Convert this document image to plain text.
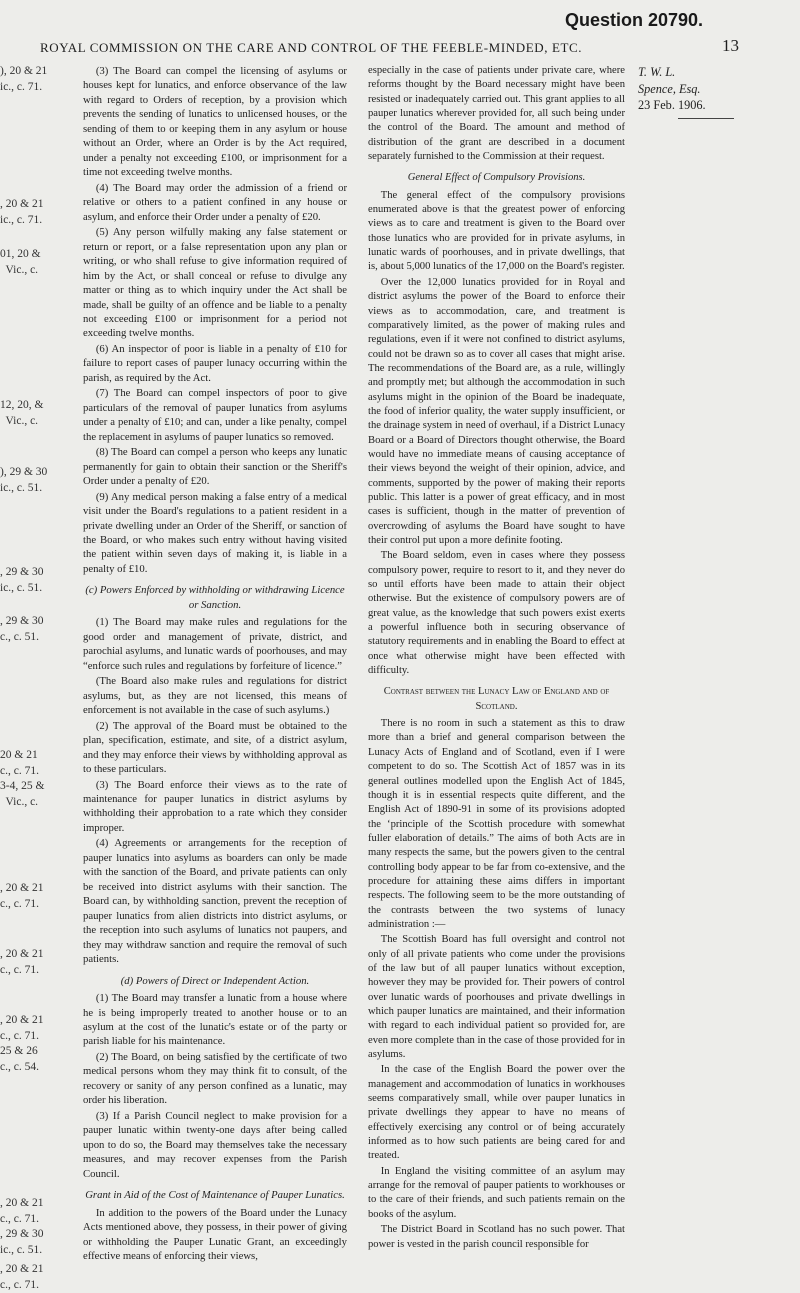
Question 20790.
ROYAL COMMISSION ON THE CARE AND CONTROL OF THE FEEBLE-MINDED, ETC.	13
), 20 & 21
ic., c. 71.
, 20 & 21
ic., c. 71.
01, 20 &
Vic., c.
12, 20, &
Vic., c.
), 29 & 30
ic., c. 51.
, 29 & 30
ic., c. 51.
, 29 & 30
c., c. 51.
20 & 21
c., c. 71.
3-4, 25 &
Vic., c.
, 20 & 21
c., c. 71.
, 20 & 21
c., c. 71.
, 20 & 21
c., c. 71.
25 & 26
c., c. 54.
, 20 & 21
c., c. 71.
, 29 & 30
ic., c. 51.
, 20 & 21
c., c. 71.

(3) The Board can compel the licensing of asylums or houses kept for lunatics, and enforce observance of the law with regard to Orders of reception, by a provision which prevents the sending of lunatics to unlicensed houses, or the sending of them to or keeping them in any asylum or house without an Order, where an Order is by the Act required, under a penalty not exceeding £100, or imprisonment for a time not exceeding twelve months.

(4) The Board may order the admission of a friend or relative or others to a patient confined in any house or asylum, and enforce their Order under a penalty of £20.

(5) Any person wilfully making any false statement or return or report, or a false representation upon any plan or writing, or who shall refuse to give information required of him by the Act, or shall conceal or refuse to divulge any matter or thing as to which inquiry under the Act shall be made, shall be guilty of an offence and be liable to a penalty not exceeding £100 or imprisonment for a period not exceeding twelve months.

(6) An inspector of poor is liable in a penalty of £10 for failure to report cases of pauper lunacy occurring within the parish, as required by the Act.

(7) The Board can compel inspectors of poor to give particulars of the removal of pauper lunatics from asylums under a penalty of £10; and can, under a like penalty, compel the replacement in asylums of pauper lunatics so removed.

(8) The Board can compel a person who keeps any lunatic permanently for gain to obtain their sanction or the Sheriff's Order under a penalty of £20.

(9) Any medical person making a false entry of a medical visit under the Board's regulations to a patient resident in a private dwelling under an Order of the Sheriff, or sanction of the Board, or who makes such entry without having visited the patient within seven days of making it, is liable in a penalty of £10.

(c) Powers Enforced by withholding or withdrawing Licence or Sanction.

(1) The Board may make rules and regulations for the good order and management of private, district, and parochial asylums, and lunatic wards of poorhouses, and may “enforce such rules and regulations by forfeiture of licence.”

(The Board also make rules and regulations for district asylums, but, as they are not licensed, this means of enforcement is not available in the case of such asylums.)

(2) The approval of the Board must be obtained to the plan, specification, estimate, and site, of a district asylum, and they may enforce their views by withholding approval as to these particulars.

(3) The Board enforce their views as to the rate of maintenance for pauper lunatics in district asylums by withholding their approbation to a rate which they consider improper.

(4) Agreements or arrangements for the reception of pauper lunatics into asylums as boarders can only be made with the sanction of the Board, and private patients can only be received into district asylums with their sanction. The Board can, by withholding sanction, prevent the reception of pauper lunatics from alien districts into district asylums, or the reception into such asylums of lunatics not paupers, and they may withdraw sanction and require the removal of such patients.

(d) Powers of Direct or Independent Action.

(1) The Board may transfer a lunatic from a house where he is being improperly treated to another house or to an asylum at the cost of the lunatic's estate or of the party or parish liable for his maintenance.

(2) The Board, on being satisfied by the certificate of two medical persons whom they may think fit to consult, of the recovery or sanity of any person confined as a lunatic, may order his liberation.

(3) If a Parish Council neglect to make provision for a pauper lunatic within twenty-one days after being called upon to do so, the Board may themselves take the necessary measures, and may recover expenses from the Parish Council.

Grant in Aid of the Cost of Maintenance of Pauper Lunatics.

In addition to the powers of the Board under the Lunacy Acts mentioned above, they possess, in their power of giving or withholding the Pauper Lunatic Grant, an exceedingly effective means of enforcing their views,

especially in the case of patients under private care, where reforms thought by the Board necessary might have been resisted or inadequately carried out. This grant applies to all pauper lunatics wherever provided for, all such being under the control of the Board. The amount and method of distribution of the grant are described in a document separately furnished to the Commission at their request.

General Effect of Compulsory Provisions.

The general effect of the compulsory provisions enumerated above is that the greatest power of enforcing views as to care and treatment is given to the Board over those lunatics who are provided for in private asylums, in lunatic wards of poorhouses, and in private dwellings, that is, about 5,000 lunatics of the 17,000 on the Board's register.

Over the 12,000 lunatics provided for in Royal and district asylums the power of the Board to enforce their views as to accommodation, care, and treatment is comparatively limited, as the power of making rules and regulations, even if it were not confined to district asylums, could not be drawn so as to cover all cases that might arise. The recommendations of the Board are, as a rule, willingly and promptly met; but although the accommodation in such asylums might in the opinion of the Board be inadequate, the food of inferior quality, the water supply insufficient, or the drainage system in need of overhaul, if a District Lunacy Board or a Board of Directors thought otherwise, the Board would have no immediate means of causing acceptance of their views beyond the weight of their opinion, advice, and comments, supported by the power of making their reports public. This latter is a power of great efficacy, and in most cases is sufficient, though in the matter of prevention of overcrowding of asylums the Board have sought to have their control put upon a more definite footing.

The Board seldom, even in cases where they possess compulsory power, require to resort to it, and they never do so until efforts have been made to attain their object otherwise. But the existence of compulsory powers are of great value, as the knowledge that such powers exist exerts a powerful influence both in securing observance of statutory requirements and in enabling the Board to effect at once what otherwise might have been effected with difficulty.

Contrast between the Lunacy Law of England and of Scotland.

There is no room in such a statement as this to draw more than a brief and general comparison between the Lunacy Acts of England and of Scotland, even if I were competent to do so. The Scottish Act of 1857 was in its general outlines modelled upon the English Act of 1845, though it is in essential respects quite different, and the English Act of 1890-91 in some of its provisions adopted the ‘principle of the Scottish procedure with somewhat fuller elaboration of details.” The aims of both Acts are in many respects the same, but the powers given to the central controlling body appear to be far from co-extensive, and the procedure for attaining these aims differs in important respects. The following seem to be the more outstanding of the contrasts between the two systems of lunacy administration :—

The Scottish Board has full oversight and control not only of all private patients who come under the provisions of the law but of all pauper lunatics without exception, however they may be provided for. Their powers of control over lunatic wards of poorhouses and private dwellings in which pauper lunatics are maintained, and their information with regard to each individual patient so provided for, are even more complete than in the case of those provided for in asylums.

In the case of the English Board the power over the management and accommodation of lunatics in workhouses seems comparatively small, while over pauper lunatics in private dwellings they appear to have no means of effectively exercising any control or of being accurately informed as to how such patients are being cared for and treated.

In England the visiting committee of an asylum may arrange for the removal of pauper patients to workhouses or to the care of their friends, and such patients remain on the books of the asylum.

The District Board in Scotland has no such power. That power is vested in the parish council responsible for

T. W. L.
Spence, Esq.
23 Feb. 1906.
